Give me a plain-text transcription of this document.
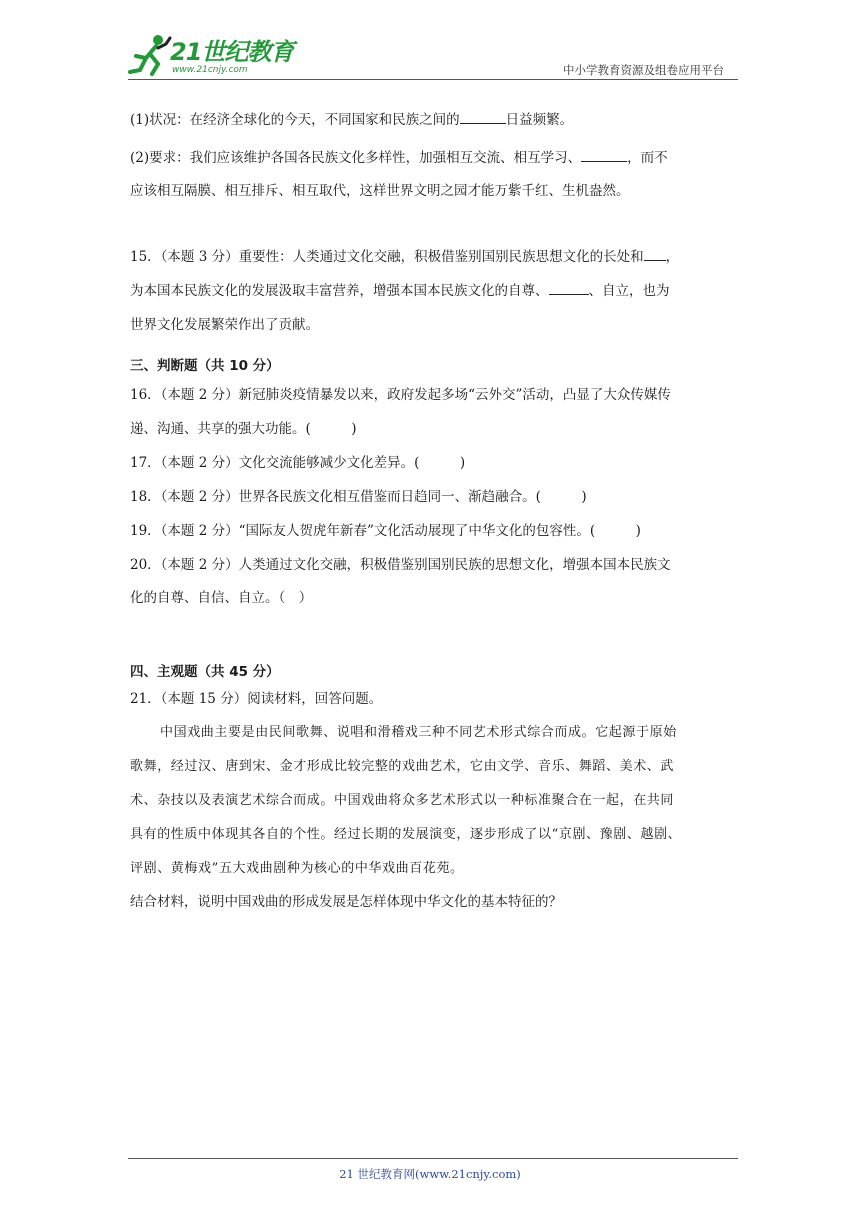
21世纪教育
www.21cnjy.com	中小学教育资源及组卷应用平台
(1)状况：在经济全球化的今天，不同国家和民族之间的	日益频繁。
(2)要求：我们应该维护各国各民族文化多样性，加强相互交流、相互学习、	，而不
应该相互隔膜、相互排斥、相互取代，这样世界文明之园才能万紫千红、生机盎然。
15．（本题 3 分）重要性：人类通过文化交融，积极借鉴别国别民族思想文化的长处和 ，
为本国本民族文化的发展汲取丰富营养，增强本国本民族文化的自尊、	、自立，也为
世界文化发展繁荣作出了贡献。
三、判断题（共 10 分）
16．（本题 2 分）新冠肺炎疫情暴发以来，政府发起多场“云外交”活动，凸显了大众传媒传
递、沟通、共享的强大功能。(　　　)
17．（本题 2 分）文化交流能够减少文化差异。(　　　)
18．（本题 2 分）世界各民族文化相互借鉴而日趋同一、渐趋融合。(　　　)
19．（本题 2 分）“国际友人贺虎年新春”文化活动展现了中华文化的包容性。(　　　)
20．（本题 2 分）人类通过文化交融，积极借鉴别国别民族的思想文化，增强本国本民族文
化的自尊、自信、自立。（　）
四、主观题（共 45 分）
21．（本题 15 分）阅读材料，回答问题。
中国戏曲主要是由民间歌舞、说唱和滑稽戏三种不同艺术形式综合而成。它起源于原始
歌舞，经过汉、唐到宋、金才形成比较完整的戏曲艺术，它由文学、音乐、舞蹈、美术、武
术、杂技以及表演艺术综合而成。中国戏曲将众多艺术形式以一种标准聚合在一起，在共同
具有的性质中体现其各自的个性。经过长期的发展演变，逐步形成了以“京剧、豫剧、越剧、
评剧、黄梅戏”五大戏曲剧种为核心的中华戏曲百花苑。
结合材料，说明中国戏曲的形成发展是怎样体现中华文化的基本特征的？
21 世纪教育网(www.21cnjy.com)
